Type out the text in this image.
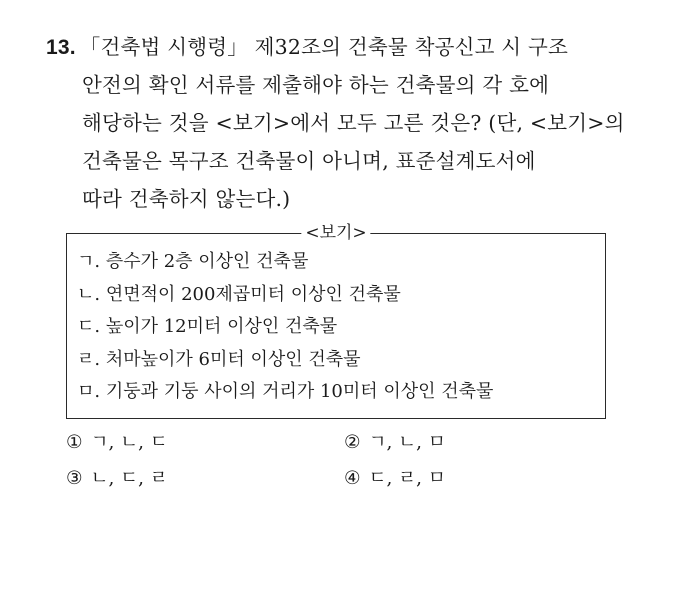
13. 「건축법 시행령」 제32조의 건축물 착공신고 시 구조
안전의 확인 서류를 제출해야 하는 건축물의 각 호에
해당하는 것을 <보기>에서 모두 고른 것은? (단, <보기>의
건축물은 목구조 건축물이 아니며, 표준설계도서에
따라 건축하지 않는다.)
<보기>
ㄱ. 층수가 2층 이상인 건축물
ㄴ. 연면적이 200제곱미터 이상인 건축물
ㄷ. 높이가 12미터 이상인 건축물
ㄹ. 처마높이가 6미터 이상인 건축물
ㅁ. 기둥과 기둥 사이의 거리가 10미터 이상인 건축물
① ㄱ, ㄴ, ㄷ	② ㄱ, ㄴ, ㅁ
③ ㄴ, ㄷ, ㄹ	④ ㄷ, ㄹ, ㅁ
